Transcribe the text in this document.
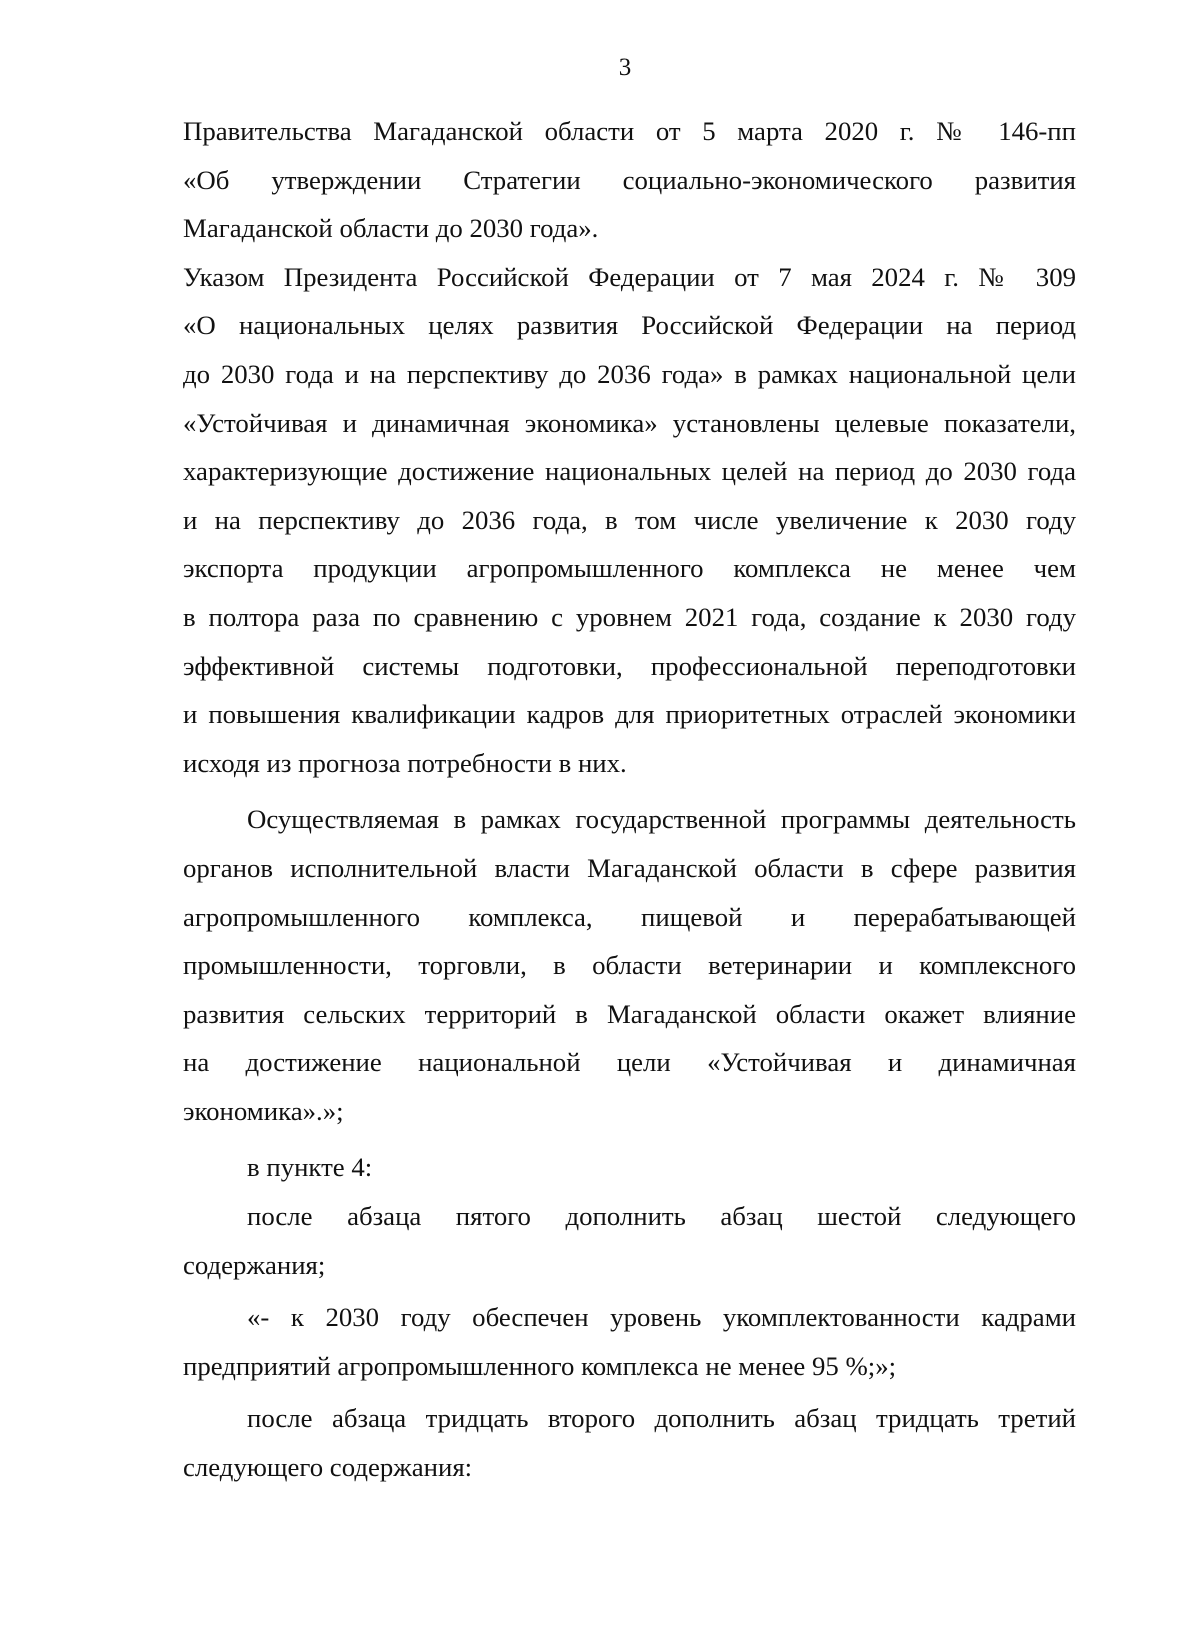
3
Правительства Магаданской области от 5 марта 2020 г. № 146-пп
«Об утверждении Стратегии социально-экономического развития
Магаданской области до 2030 года».
Указом Президента Российской Федерации от 7 мая 2024 г. № 309
«О национальных целях развития Российской Федерации на период
до 2030 года и на перспективу до 2036 года» в рамках национальной цели
«Устойчивая и динамичная экономика» установлены целевые показатели,
характеризующие достижение национальных целей на период до 2030 года
и на перспективу до 2036 года, в том числе увеличение к 2030 году
экспорта продукции агропромышленного комплекса не менее чем
в полтора раза по сравнению с уровнем 2021 года, создание к 2030 году
эффективной системы подготовки, профессиональной переподготовки
и повышения квалификации кадров для приоритетных отраслей экономики
исходя из прогноза потребности в них.
Осуществляемая в рамках государственной программы деятельность
органов исполнительной власти Магаданской области в сфере развития
агропромышленного комплекса, пищевой и перерабатывающей
промышленности, торговли, в области ветеринарии и комплексного
развития сельских территорий в Магаданской области окажет влияние
на достижение национальной цели «Устойчивая и динамичная
экономика».»;
в пункте 4:
после абзаца пятого дополнить абзац шестой следующего
содержания;
«- к 2030 году обеспечен уровень укомплектованности кадрами
предприятий агропромышленного комплекса не менее 95 %;»;
после абзаца тридцать второго дополнить абзац тридцать третий
следующего содержания:
